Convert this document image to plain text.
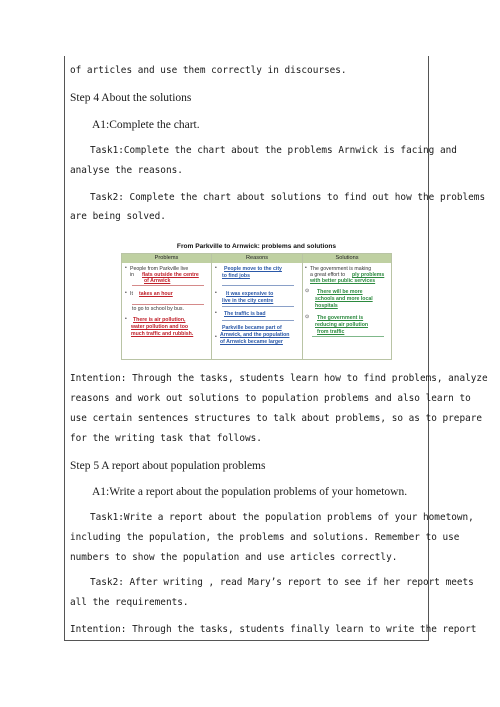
of articles and use them correctly in discourses.
Step 4 About the solutions
A1:Complete the chart.
Task1:Complete the chart about the problems Arnwick is facing and
analyse the reasons.
Task2: Complete the chart about solutions to find out how the problems
are being solved.
From Parkville to Arnwick: problems and solutions
Problems	Reasons	Solutions
• People from Parkville live
in flats outside the centre
of Arnwick
• It takes an hour
to go to school by bus.
• There is air pollution,
water pollution and too
much traffic and rubbish.
• People move to the city
to find jobs
• It was expensive to
live in the city centre
• The traffic is bad
•
Parkville became part of
Arnwick, and the population
of Arnwick became larger
• The government is making
a great effort to ply problems
with better public services
⊙ There will be more
schools and more local
hospitals
⊙ The government is
reducing air pollution
from traffic
Intention: Through the tasks, students learn how to find problems, analyze
reasons and work out solutions to population problems and also learn to
use certain sentences structures to talk about problems, so as to prepare
for the writing task that follows.
Step 5 A report about population problems
A1:Write a report about the population problems of your hometown.
Task1:Write a report about the population problems of your hometown,
including the population, the problems and solutions. Remember to use
numbers to show the population and use articles correctly.
Task2: After writing , read Mary’s report to see if her report meets
all the requirements.
Intention: Through the tasks, students finally learn to write the report
